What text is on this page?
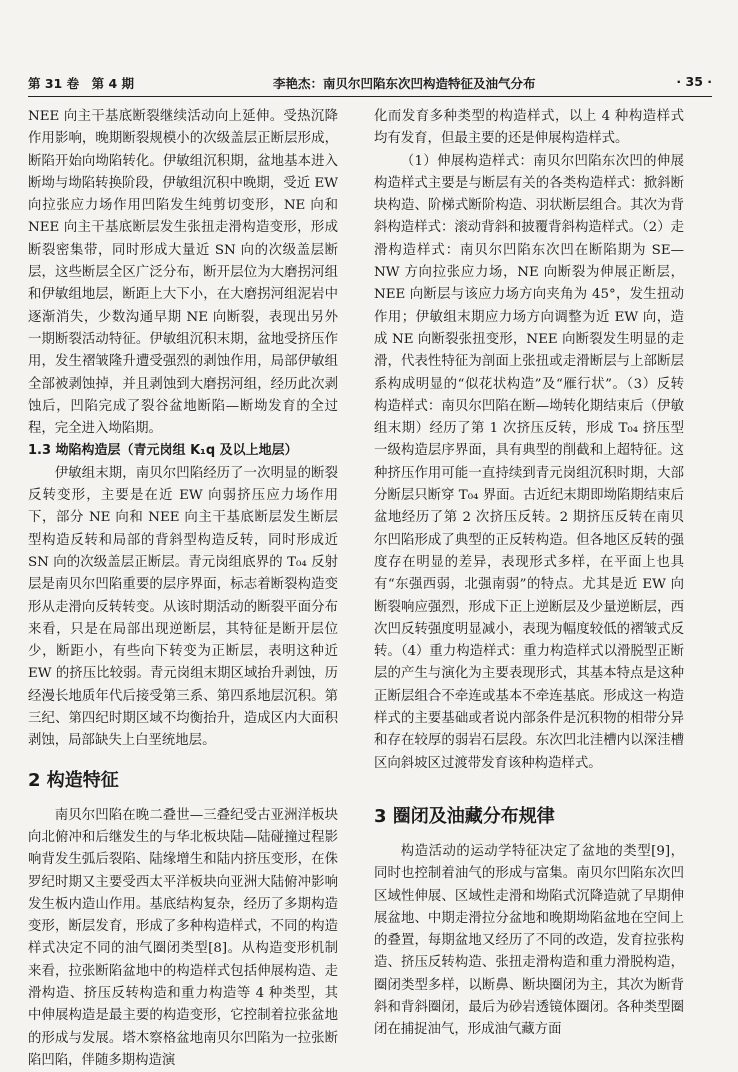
第 31 卷　第 4 期	李艳杰：南贝尔凹陷东次凹构造特征及油气分布	· 35 ·

NEE 向主干基底断裂继续活动向上延伸。受热沉降作用影响，晚期断裂规模小的次级盖层正断层形成，断陷开始向坳陷转化。伊敏组沉积期，盆地基本进入断坳与坳陷转换阶段，伊敏组沉积中晚期，受近 EW 向拉张应力场作用凹陷发生纯剪切变形，NE 向和 NEE 向主干基底断层发生张扭走滑构造变形，形成断裂密集带，同时形成大量近 SN 向的次级盖层断层，这些断层全区广泛分布，断开层位为大磨拐河组和伊敏组地层，断距上大下小，在大磨拐河组泥岩中逐渐消失，少数沟通早期 NE 向断裂，表现出另外一期断裂活动特征。伊敏组沉积末期，盆地受挤压作用，发生褶皱隆升遭受强烈的剥蚀作用，局部伊敏组全部被剥蚀掉，并且剥蚀到大磨拐河组，经历此次剥蚀后，凹陷完成了裂谷盆地断陷—断坳发育的全过程，完全进入坳陷期。

1.3 坳陷构造层（青元岗组 K₁q 及以上地层）

伊敏组末期，南贝尔凹陷经历了一次明显的断裂反转变形，主要是在近 EW 向弱挤压应力场作用下，部分 NE 向和 NEE 向主干基底断层发生断层型构造反转和局部的背斜型构造反转，同时形成近 SN 向的次级盖层正断层。青元岗组底界的 T₀₄ 反射层是南贝尔凹陷重要的层序界面，标志着断裂构造变形从走滑向反转转变。从该时期活动的断裂平面分布来看，只是在局部出现逆断层，其特征是断开层位少，断距小，有些向下转变为正断层，表明这种近 EW 的挤压比较弱。青元岗组末期区域抬升剥蚀，历经漫长地质年代后接受第三系、第四系地层沉积。第三纪、第四纪时期区域不均衡抬升，造成区内大面积剥蚀，局部缺失上白垩统地层。

2 构造特征

南贝尔凹陷在晚二叠世—三叠纪受古亚洲洋板块向北俯冲和后继发生的与华北板块陆—陆碰撞过程影响背发生弧后裂陷、陆缘增生和陆内挤压变形，在侏罗纪时期又主要受西太平洋板块向亚洲大陆俯冲影响发生板内造山作用。基底结构复杂，经历了多期构造变形，断层发育，形成了多种构造样式，不同的构造样式决定不同的油气圈闭类型[8]。从构造变形机制来看，拉张断陷盆地中的构造样式包括伸展构造、走滑构造、挤压反转构造和重力构造等 4 种类型，其中伸展构造是最主要的构造变形，它控制着拉张盆地的形成与发展。塔木察格盆地南贝尔凹陷为一拉张断陷凹陷，伴随多期构造演

化而发育多种类型的构造样式，以上 4 种构造样式均有发育，但最主要的还是伸展构造样式。

（1）伸展构造样式：南贝尔凹陷东次凹的伸展构造样式主要是与断层有关的各类构造样式：掀斜断块构造、阶梯式断阶构造、羽状断层组合。其次为背斜构造样式：滚动背斜和披覆背斜构造样式。（2）走滑构造样式：南贝尔凹陷东次凹在断陷期为 SE—NW 方向拉张应力场，NE 向断裂为伸展正断层，NEE 向断层与该应力场方向夹角为 45°，发生扭动作用；伊敏组末期应力场方向调整为近 EW 向，造成 NE 向断裂张扭变形，NEE 向断裂发生明显的走滑，代表性特征为剖面上张扭或走滑断层与上部断层系构成明显的“似花状构造”及“雁行状”。（3）反转构造样式：南贝尔凹陷在断—坳转化期结束后（伊敏组末期）经历了第 1 次挤压反转，形成 T₀₄ 挤压型一级构造层序界面，具有典型的削截和上超特征。这种挤压作用可能一直持续到青元岗组沉积时期，大部分断层只断穿 T₀₄ 界面。古近纪末期即坳陷期结束后盆地经历了第 2 次挤压反转。2 期挤压反转在南贝尔凹陷形成了典型的正反转构造。但各地区反转的强度存在明显的差异，表现形式多样，在平面上也具有“东强西弱，北强南弱”的特点。尤其是近 EW 向断裂响应强烈，形成下正上逆断层及少量逆断层，西次凹反转强度明显减小，表现为幅度较低的褶皱式反转。（4）重力构造样式：重力构造样式以滑脱型正断层的产生与演化为主要表现形式，其基本特点是这种正断层组合不牵连或基本不牵连基底。形成这一构造样式的主要基础或者说内部条件是沉积物的相带分异和存在较厚的弱岩石层段。东次凹北洼槽内以深洼槽区向斜坡区过渡带发育该种构造样式。

3 圈闭及油藏分布规律

构造活动的运动学特征决定了盆地的类型[9]，同时也控制着油气的形成与富集。南贝尔凹陷东次凹区域性伸展、区域性走滑和坳陷式沉降造就了早期伸展盆地、中期走滑拉分盆地和晚期坳陷盆地在空间上的叠置，每期盆地又经历了不同的改造，发育拉张构造、挤压反转构造、张扭走滑构造和重力滑脱构造，圈闭类型多样，以断鼻、断块圈闭为主，其次为断背斜和背斜圈闭，最后为砂岩透镜体圈闭。各种类型圈闭在捕捉油气，形成油气藏方面
